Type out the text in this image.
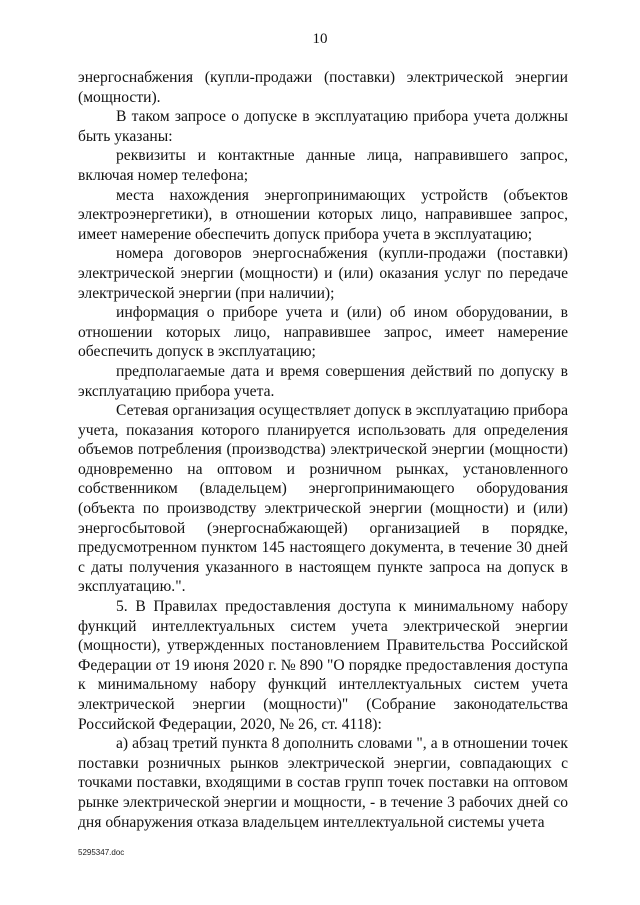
10

энергоснабжения (купли-продажи (поставки) электрической энергии (мощности).

В таком запросе о допуске в эксплуатацию прибора учета должны быть указаны:

реквизиты и контактные данные лица, направившего запрос, включая номер телефона;

места нахождения энергопринимающих устройств (объектов электроэнергетики), в отношении которых лицо, направившее запрос, имеет намерение обеспечить допуск прибора учета в эксплуатацию;

номера договоров энергоснабжения (купли-продажи (поставки) электрической энергии (мощности) и (или) оказания услуг по передаче электрической энергии (при наличии);

информация о приборе учета и (или) об ином оборудовании, в отношении которых лицо, направившее запрос, имеет намерение обеспечить допуск в эксплуатацию;

предполагаемые дата и время совершения действий по допуску в эксплуатацию прибора учета.

Сетевая организация осуществляет допуск в эксплуатацию прибора учета, показания которого планируется использовать для определения объемов потребления (производства) электрической энергии (мощности) одновременно на оптовом и розничном рынках, установленного собственником (владельцем) энергопринимающего оборудования (объекта по производству электрической энергии (мощности) и (или) энергосбытовой (энергоснабжающей) организацией в порядке, предусмотренном пунктом 145 настоящего документа, в течение 30 дней с даты получения указанного в настоящем пункте запроса на допуск в эксплуатацию.".

5. В Правилах предоставления доступа к минимальному набору функций интеллектуальных систем учета электрической энергии (мощности), утвержденных постановлением Правительства Российской Федерации от 19 июня 2020 г. № 890 "О порядке предоставления доступа к минимальному набору функций интеллектуальных систем учета электрической энергии (мощности)" (Собрание законодательства Российской Федерации, 2020, № 26, ст. 4118):

а) абзац третий пункта 8 дополнить словами ", а в отношении точек поставки розничных рынков электрической энергии, совпадающих с точками поставки, входящими в состав групп точек поставки на оптовом рынке электрической энергии и мощности, - в течение 3 рабочих дней со дня обнаружения отказа владельцем интеллектуальной системы учета

5295347.doc
